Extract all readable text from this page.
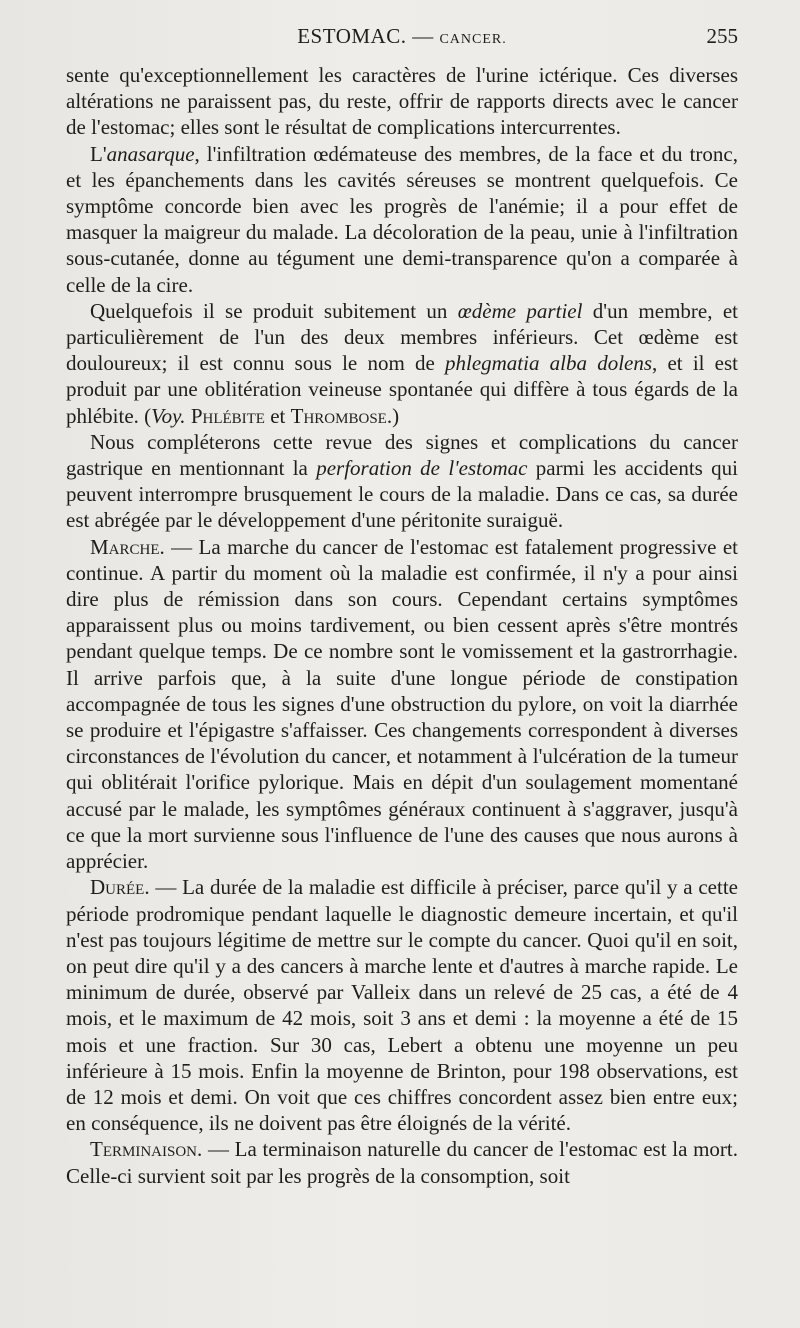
ESTOMAC. — CANCER.	255

sente qu'exceptionnellement les caractères de l'urine ictérique. Ces diverses altérations ne paraissent pas, du reste, offrir de rapports directs avec le cancer de l'estomac; elles sont le résultat de complications intercurrentes.

L'anasarque, l'infiltration œdémateuse des membres, de la face et du tronc, et les épanchements dans les cavités séreuses se montrent quelquefois. Ce symptôme concorde bien avec les progrès de l'anémie; il a pour effet de masquer la maigreur du malade. La décoloration de la peau, unie à l'infiltration sous-cutanée, donne au tégument une demi-transparence qu'on a comparée à celle de la cire.

Quelquefois il se produit subitement un œdème partiel d'un membre, et particulièrement de l'un des deux membres inférieurs. Cet œdème est douloureux; il est connu sous le nom de phlegmatia alba dolens, et il est produit par une oblitération veineuse spontanée qui diffère à tous égards de la phlébite. (Voy. Phlébite et Thrombose.)

Nous compléterons cette revue des signes et complications du cancer gastrique en mentionnant la perforation de l'estomac parmi les accidents qui peuvent interrompre brusquement le cours de la maladie. Dans ce cas, sa durée est abrégée par le développement d'une péritonite suraiguë.

Marche. — La marche du cancer de l'estomac est fatalement progressive et continue. A partir du moment où la maladie est confirmée, il n'y a pour ainsi dire plus de rémission dans son cours. Cependant certains symptômes apparaissent plus ou moins tardivement, ou bien cessent après s'être montrés pendant quelque temps. De ce nombre sont le vomissement et la gastrorrhagie. Il arrive parfois que, à la suite d'une longue période de constipation accompagnée de tous les signes d'une obstruction du pylore, on voit la diarrhée se produire et l'épigastre s'affaisser. Ces changements correspondent à diverses circonstances de l'évolution du cancer, et notamment à l'ulcération de la tumeur qui oblitérait l'orifice pylorique. Mais en dépit d'un soulagement momentané accusé par le malade, les symptômes généraux continuent à s'aggraver, jusqu'à ce que la mort survienne sous l'influence de l'une des causes que nous aurons à apprécier.

Durée. — La durée de la maladie est difficile à préciser, parce qu'il y a cette période prodromique pendant laquelle le diagnostic demeure incertain, et qu'il n'est pas toujours légitime de mettre sur le compte du cancer. Quoi qu'il en soit, on peut dire qu'il y a des cancers à marche lente et d'autres à marche rapide. Le minimum de durée, observé par Valleix dans un relevé de 25 cas, a été de 4 mois, et le maximum de 42 mois, soit 3 ans et demi : la moyenne a été de 15 mois et une fraction. Sur 30 cas, Lebert a obtenu une moyenne un peu inférieure à 15 mois. Enfin la moyenne de Brinton, pour 198 observations, est de 12 mois et demi. On voit que ces chiffres concordent assez bien entre eux; en conséquence, ils ne doivent pas être éloignés de la vérité.

Terminaison. — La terminaison naturelle du cancer de l'estomac est la mort. Celle-ci survient soit par les progrès de la consomption, soit
